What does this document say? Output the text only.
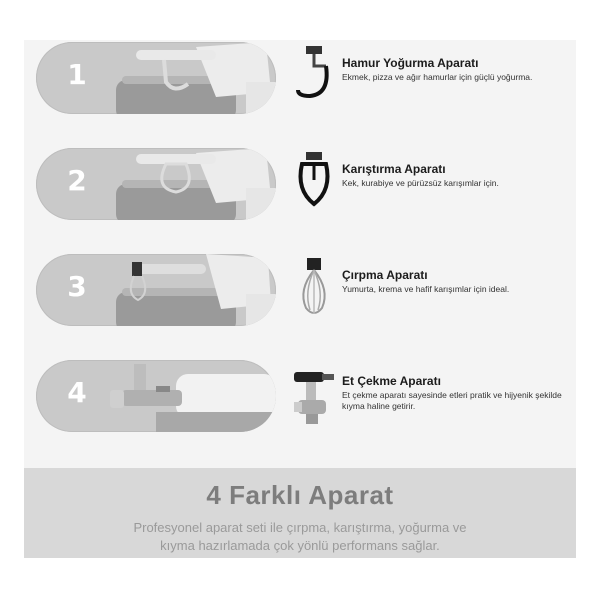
1	Hamur Yoğurma Aparatı
Ekmek, pizza ve ağır hamurlar için güçlü yoğurma.
2	Karıştırma Aparatı
Kek, kurabiye ve pürüzsüz karışımlar için.
3	Çırpma Aparatı
Yumurta, krema ve hafif karışımlar için ideal.
4	Et Çekme Aparatı
Et çekme aparatı sayesinde etleri pratik ve hijyenik şekilde kıyma haline getirir.
4 Farklı Aparat
Profesyonel aparat seti ile çırpma, karıştırma, yoğurma ve
kıyma hazırlamada çok yönlü performans sağlar.
